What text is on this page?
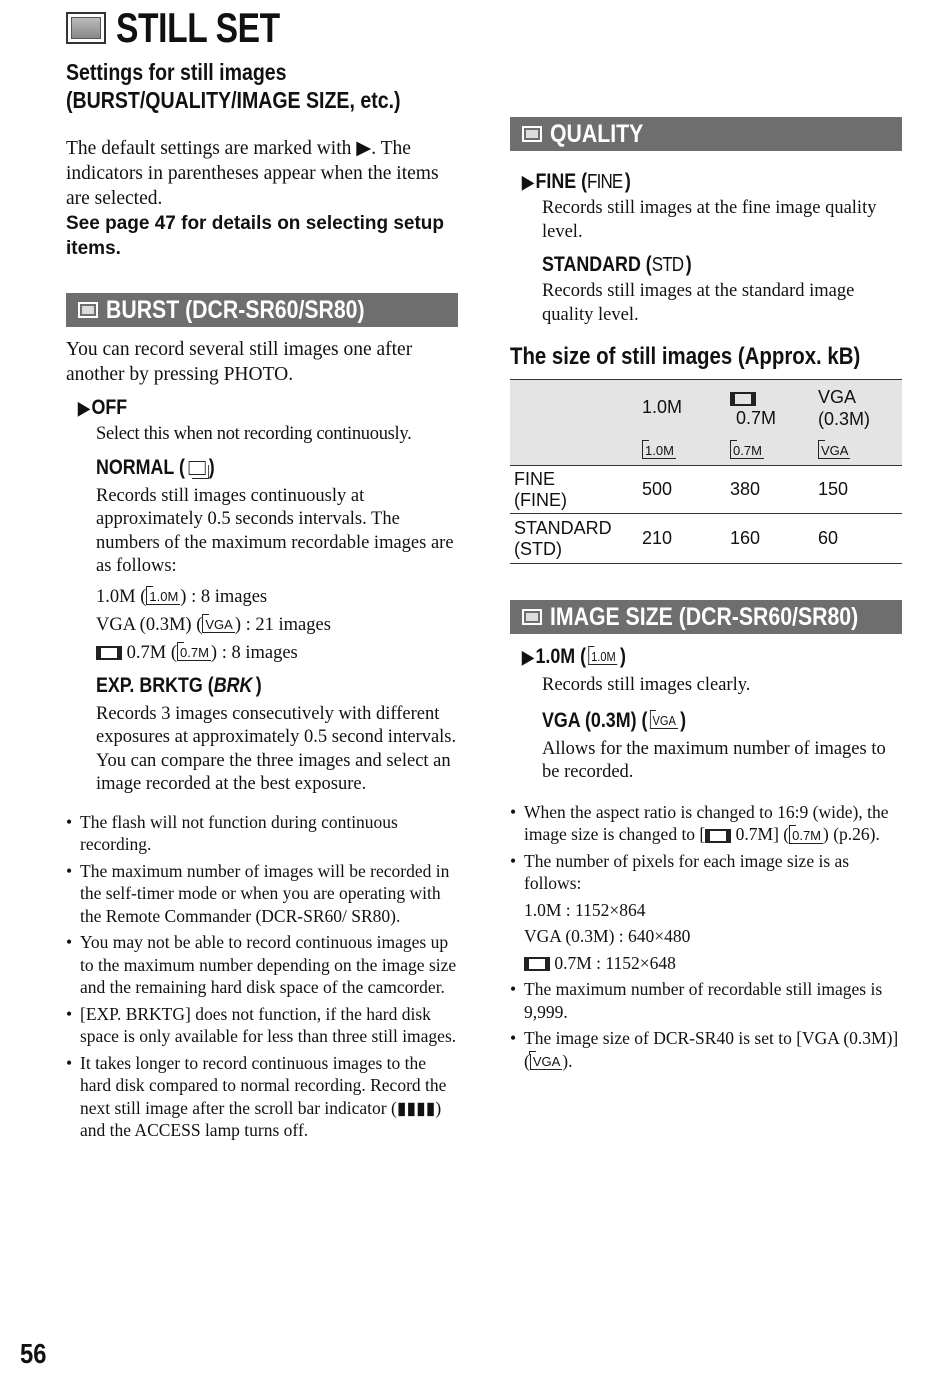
STILL SET
Settings for still images
(BURST/QUALITY/IMAGE SIZE, etc.)
The default settings are marked with ▶. The indicators in parentheses appear when the items are selected.
See page 47 for details on selecting setup items.
BURST (DCR-SR60/SR80)
You can record several still images one after another by pressing PHOTO.
▶OFF
Select this when not recording continuously.
NORMAL ( )
Records still images continuously at approximately 0.5 seconds intervals. The numbers of the maximum recordable images are as follows:
1.0M ( 1.0M ) : 8 images
VGA (0.3M) ( VGA ) : 21 images
0.7M ( 0.7M ) : 8 images
EXP. BRKTG (BRK )
Records 3 images consecutively with different exposures at approximately 0.5 second intervals. You can compare the three images and select an image recorded at the best exposure.
• The flash will not function during continuous recording.
• The maximum number of images will be recorded in the self-timer mode or when you are operating with the Remote Commander (DCR-SR60/ SR80).
• You may not be able to record continuous images up to the maximum number depending on the image size and the remaining hard disk space of the camcorder.
• [EXP. BRKTG] does not function, if the hard disk space is only available for less than three still images.
• It takes longer to record continuous images to the hard disk compared to normal recording. Record the next still image after the scroll bar indicator (▮▮▮▮) and the ACCESS lamp turns off.
QUALITY
▶FINE (FINE )
Records still images at the fine image quality level.
STANDARD (STD )
Records still images at the standard image quality level.
The size of still images (Approx. kB)
	1.0M	0.7M	VGA
(0.3M)
	1.0M	0.7M	VGA
FINE
(FINE)	500	380	150
STANDARD
(STD)	210	160	60
IMAGE SIZE (DCR-SR60/SR80)
▶1.0M ( 1.0M )
Records still images clearly.
VGA (0.3M) ( VGA )
Allows for the maximum number of images to be recorded.
• When the aspect ratio is changed to 16:9 (wide), the image size is changed to [ 0.7M] ( 0.7M ) (p.26).
• The number of pixels for each image size is as follows:
1.0M : 1152×864
VGA (0.3M) : 640×480
0.7M : 1152×648
• The maximum number of recordable still images is 9,999.
• The image size of DCR-SR40 is set to [VGA (0.3M)] ( VGA ).
56
